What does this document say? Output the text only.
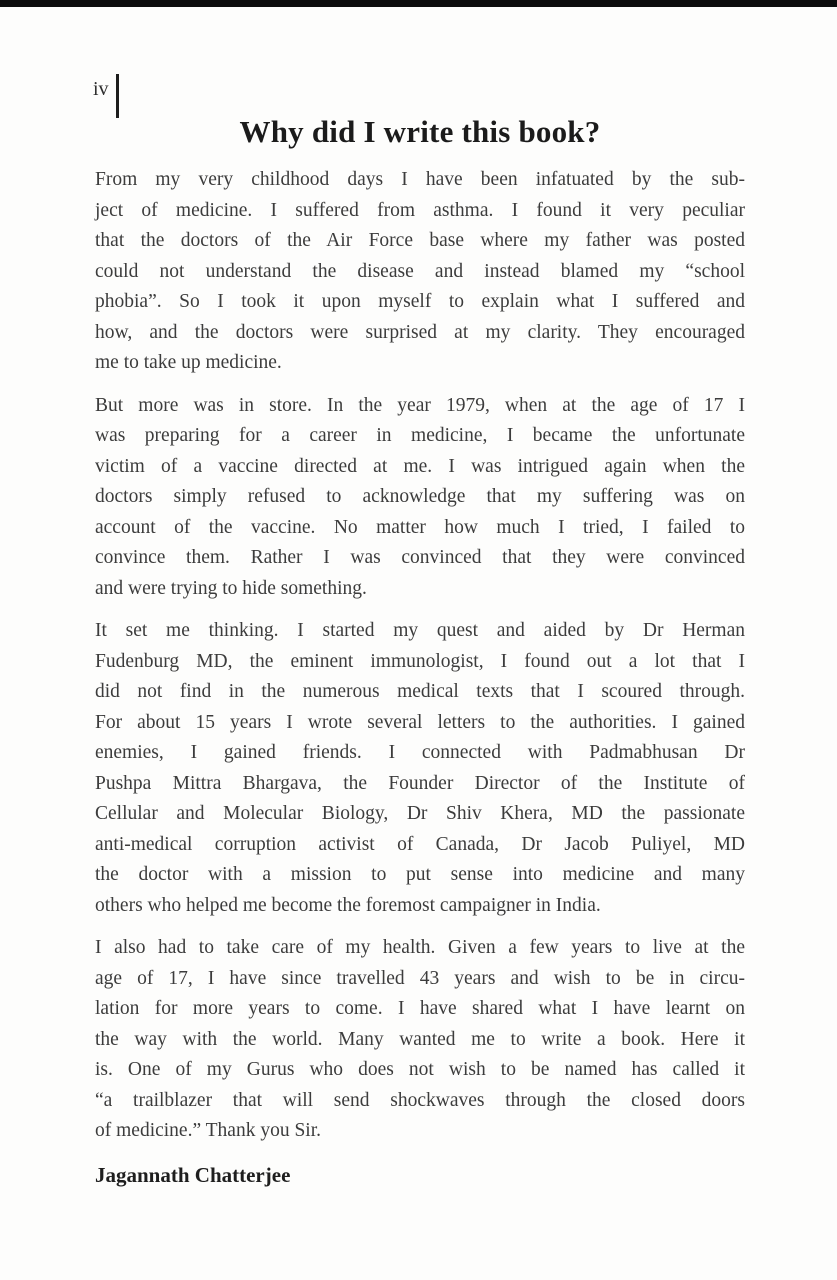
iv
Why did I write this book?
From my very childhood days I have been infatuated by the sub-
ject of medicine. I suffered from asthma. I found it very peculiar
that the doctors of the Air Force base where my father was posted
could not understand the disease and instead blamed my “school
phobia”. So I took it upon myself to explain what I suffered and
how, and the doctors were surprised at my clarity. They encouraged
me to take up medicine.
But more was in store. In the year 1979, when at the age of 17 I
was preparing for a career in medicine, I became the unfortunate
victim of a vaccine directed at me. I was intrigued again when the
doctors simply refused to acknowledge that my suffering was on
account of the vaccine. No matter how much I tried, I failed to
convince them. Rather I was convinced that they were convinced
and were trying to hide something.
It set me thinking. I started my quest and aided by Dr Herman
Fudenburg MD, the eminent immunologist, I found out a lot that I
did not find in the numerous medical texts that I scoured through.
For about 15 years I wrote several letters to the authorities. I gained
enemies, I gained friends. I connected with Padmabhusan Dr
Pushpa Mittra Bhargava, the Founder Director of the Institute of
Cellular and Molecular Biology, Dr Shiv Khera, MD the passionate
anti-medical corruption activist of Canada, Dr Jacob Puliyel, MD
the doctor with a mission to put sense into medicine and many
others who helped me become the foremost campaigner in India.
I also had to take care of my health. Given a few years to live at the
age of 17, I have since travelled 43 years and wish to be in circu-
lation for more years to come. I have shared what I have learnt on
the way with the world. Many wanted me to write a book. Here it
is. One of my Gurus who does not wish to be named has called it
“a trailblazer that will send shockwaves through the closed doors
of medicine.” Thank you Sir.
Jagannath Chatterjee
